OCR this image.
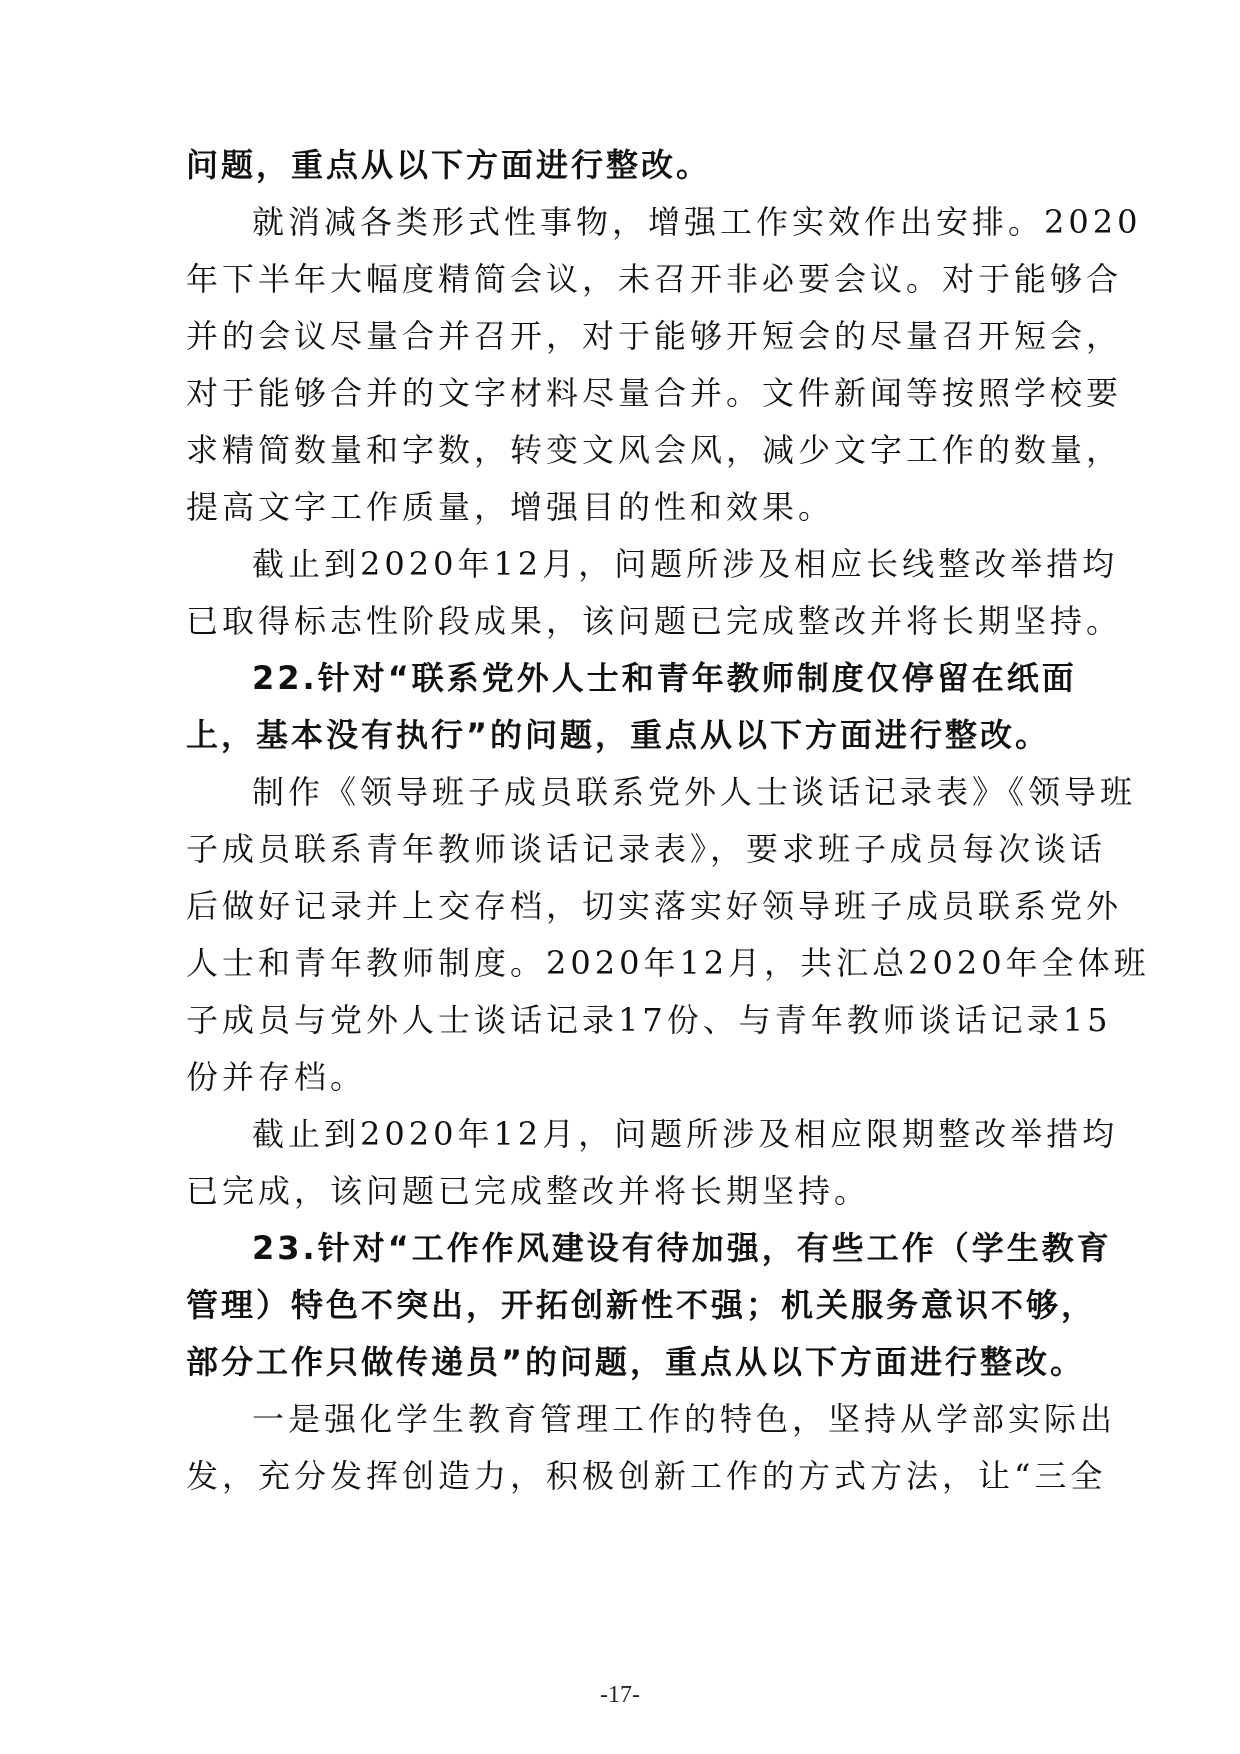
问题，重点从以下方面进行整改。
就消减各类形式性事物，增强工作实效作出安排。2020
年下半年大幅度精简会议，未召开非必要会议。对于能够合
并的会议尽量合并召开，对于能够开短会的尽量召开短会，
对于能够合并的文字材料尽量合并。文件新闻等按照学校要
求精简数量和字数，转变文风会风，减少文字工作的数量，
提高文字工作质量，增强目的性和效果。
截止到2020年12月，问题所涉及相应长线整改举措均
已取得标志性阶段成果，该问题已完成整改并将长期坚持。
22.针对“联系党外人士和青年教师制度仅停留在纸面
上，基本没有执行”的问题，重点从以下方面进行整改。
制作《领导班子成员联系党外人士谈话记录表》《领导班
子成员联系青年教师谈话记录表》，要求班子成员每次谈话
后做好记录并上交存档，切实落实好领导班子成员联系党外
人士和青年教师制度。2020年12月，共汇总2020年全体班
子成员与党外人士谈话记录17份、与青年教师谈话记录15
份并存档。
截止到2020年12月，问题所涉及相应限期整改举措均
已完成，该问题已完成整改并将长期坚持。
23.针对“工作作风建设有待加强，有些工作（学生教育
管理）特色不突出，开拓创新性不强；机关服务意识不够，
部分工作只做传递员”的问题，重点从以下方面进行整改。
一是强化学生教育管理工作的特色，坚持从学部实际出
发，充分发挥创造力，积极创新工作的方式方法，让“三全
-17-
